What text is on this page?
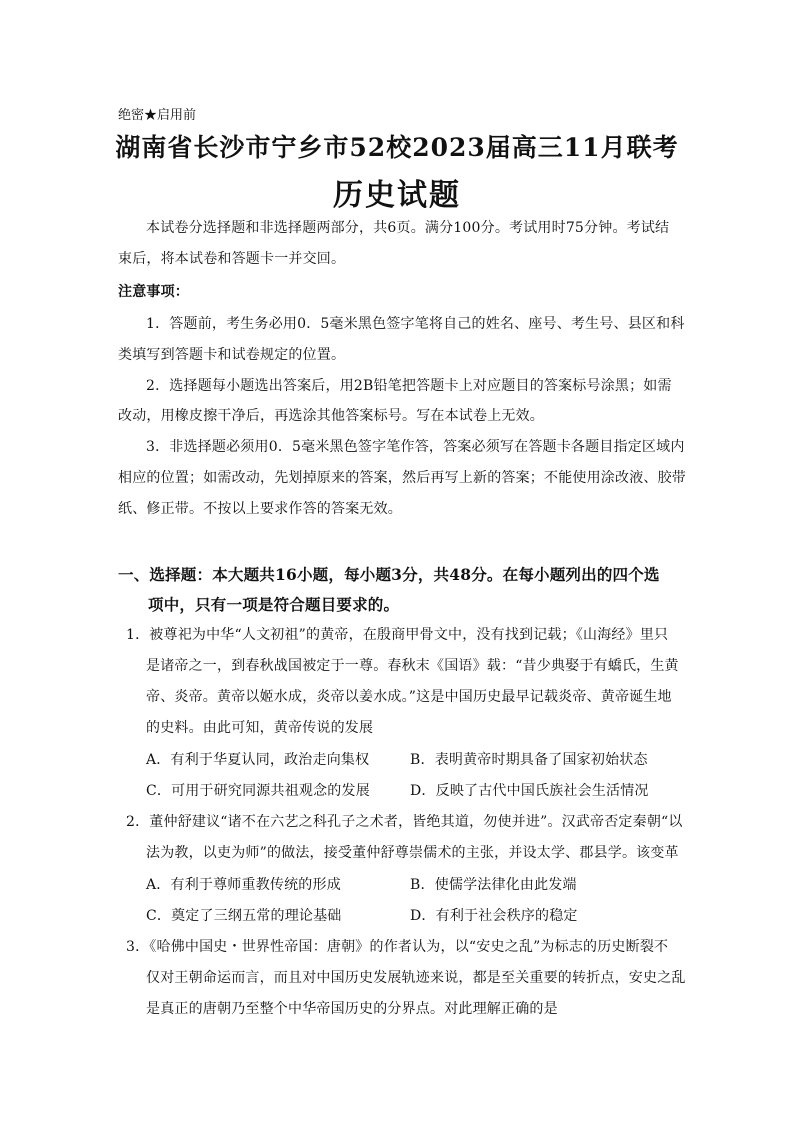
绝密★启用前
湖南省长沙市宁乡市52校2023届高三11月联考
历史试题
本试卷分选择题和非选择题两部分，共6页。满分100分。考试用时75分钟。考试结
束后，将本试卷和答题卡一并交回。
注意事项：
1．答题前，考生务必用0．5毫米黑色签字笔将自己的姓名、座号、考生号、县区和科
类填写到答题卡和试卷规定的位置。
2．选择题每小题选出答案后，用2B铅笔把答题卡上对应题目的答案标号涂黑；如需
改动，用橡皮擦干净后，再选涂其他答案标号。写在本试卷上无效。
3．非选择题必须用0．5毫米黑色签字笔作答，答案必须写在答题卡各题目指定区域内
相应的位置；如需改动，先划掉原来的答案，然后再写上新的答案；不能使用涂改液、胶带
纸、修正带。不按以上要求作答的答案无效。
一、选择题：本大题共16小题，每小题3分，共48分。在每小题列出的四个选
项中，只有一项是符合题目要求的。
1．被尊祀为中华“人文初祖”的黄帝，在殷商甲骨文中，没有找到记载；《山海经》里只
是诸帝之一，到春秋战国被定于一尊。春秋末《国语》载：“昔少典娶于有蟜氏，生黄
帝、炎帝。黄帝以姬水成，炎帝以姜水成。”这是中国历史最早记载炎帝、黄帝诞生地
的史料。由此可知，黄帝传说的发展
A．有利于华夏认同，政治走向集权	B．表明黄帝时期具备了国家初始状态
C．可用于研究同源共祖观念的发展	D．反映了古代中国氏族社会生活情况
2．董仲舒建议“诸不在六艺之科孔子之术者，皆绝其道，勿使并进”。汉武帝否定秦朝“以
法为教，以吏为师”的做法，接受董仲舒尊崇儒术的主张，并设太学、郡县学。该变革
A．有利于尊师重教传统的形成	B．使儒学法律化由此发端
C．奠定了三纲五常的理论基础	D．有利于社会秩序的稳定
3．《哈佛中国史・世界性帝国：唐朝》的作者认为，以“安史之乱”为标志的历史断裂不
仅对王朝命运而言，而且对中国历史发展轨迹来说，都是至关重要的转折点，安史之乱
是真正的唐朝乃至整个中华帝国历史的分界点。对此理解正确的是
